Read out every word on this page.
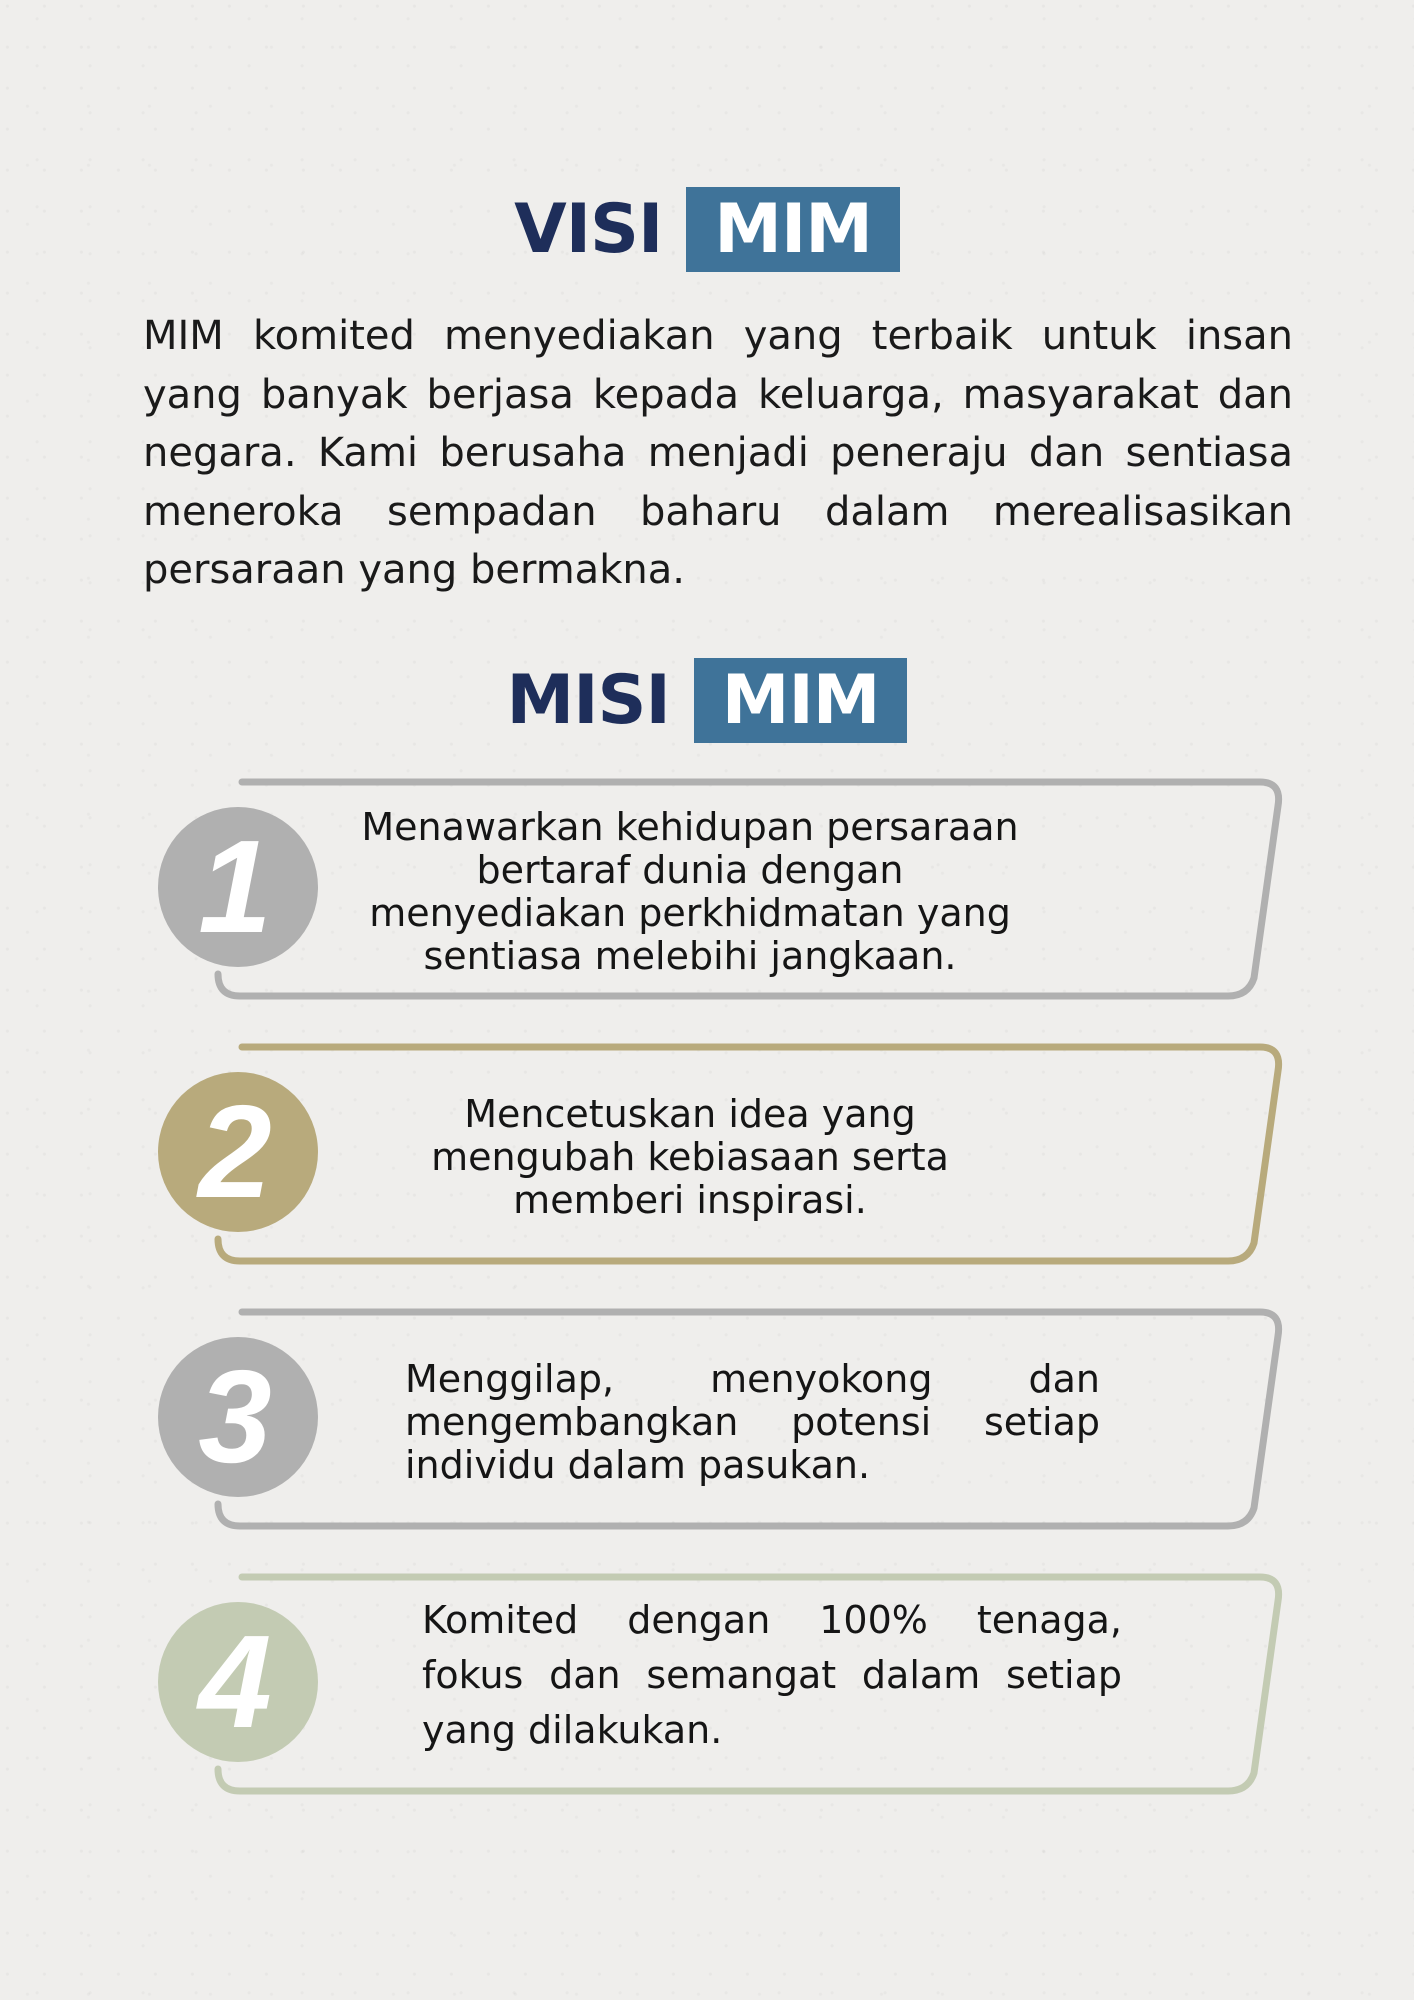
VISI MIM
MIM komited menyediakan yang terbaik untuk insan yang banyak berjasa kepada keluarga, masyarakat dan negara. Kami berusaha menjadi peneraju dan sentiasa meneroka sempadan baharu dalam merealisasikan persaraan yang bermakna.
MISI MIM
1 Menawarkan kehidupan persaraan bertaraf dunia dengan menyediakan perkhidmatan yang sentiasa melebihi jangkaan.
2	Mencetuskan idea yang mengubah kebiasaan serta memberi inspirasi.
3	Menggilap, menyokong dan mengembangkan potensi setiap individu dalam pasukan.
4	Komited dengan 100% tenaga, fokus dan semangat dalam setiap yang dilakukan.
